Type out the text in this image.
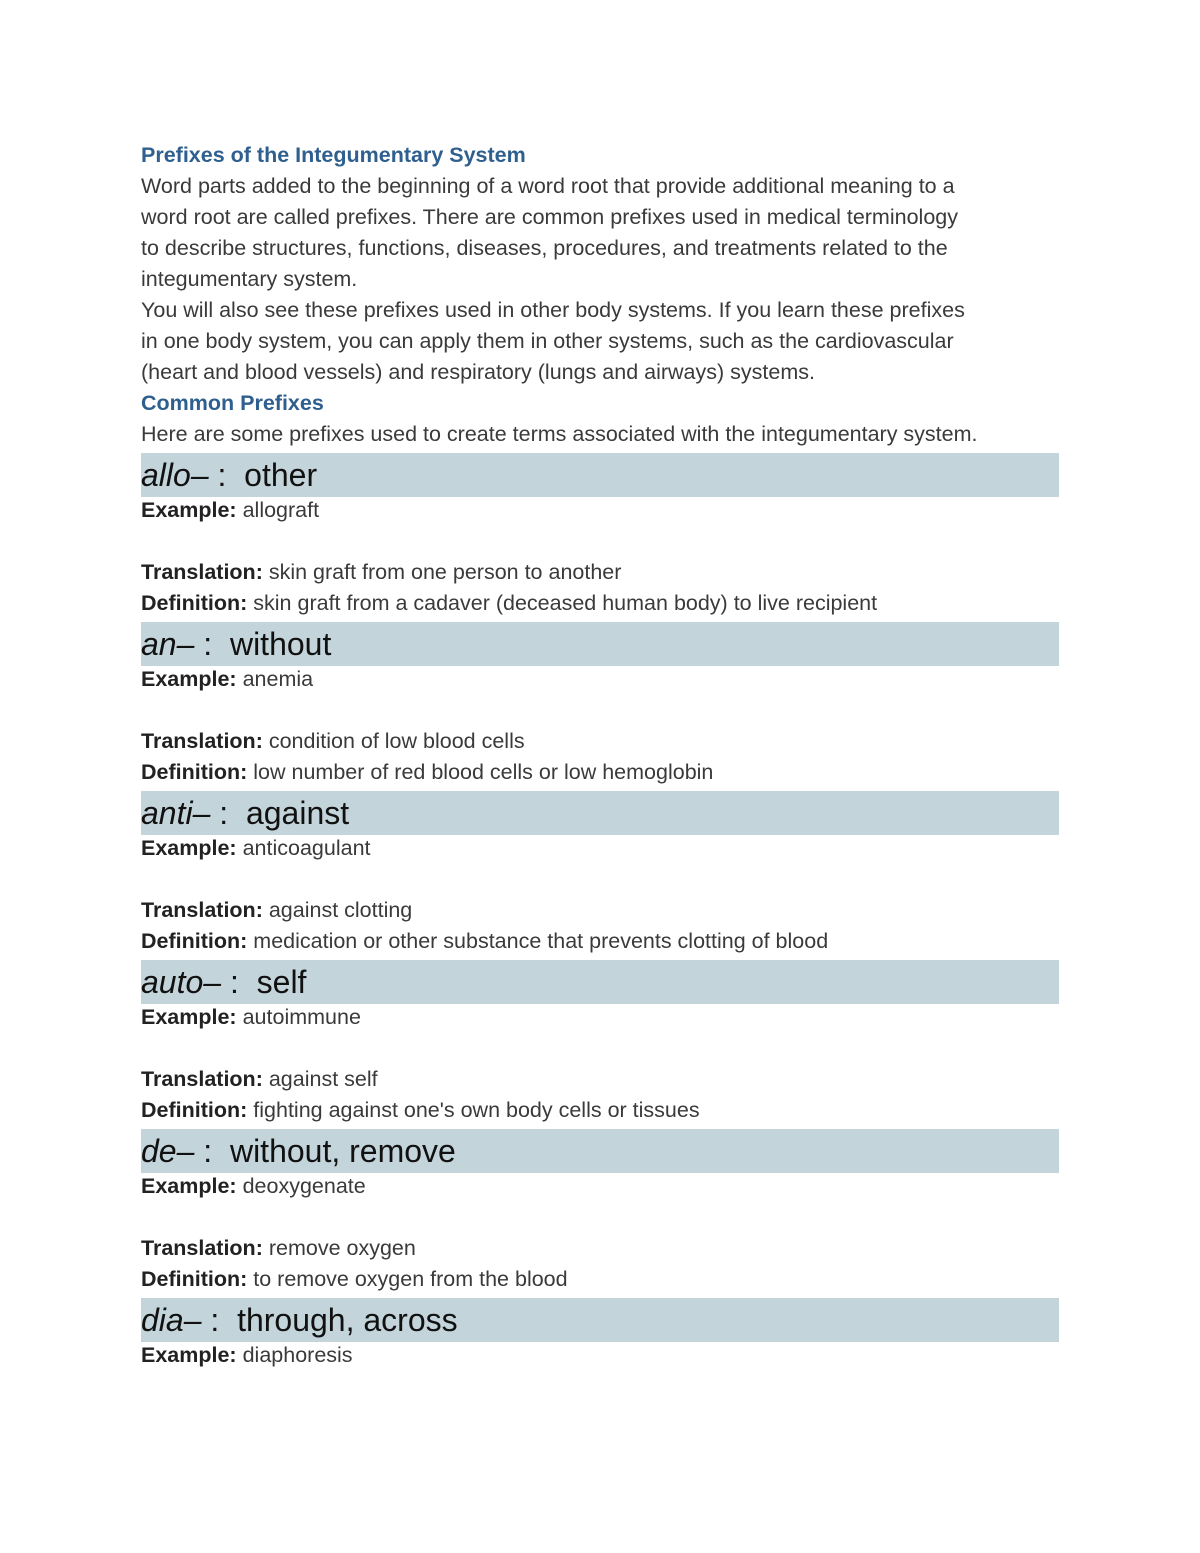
Prefixes of the Integumentary System

Word parts added to the beginning of a word root that provide additional meaning to a

word root are called prefixes. There are common prefixes used in medical terminology

to describe structures, functions, diseases, procedures, and treatments related to the

integumentary system.

You will also see these prefixes used in other body systems. If you learn these prefixes

in one body system, you can apply them in other systems, such as the cardiovascular

(heart and blood vessels) and respiratory (lungs and airways) systems.

Common Prefixes

Here are some prefixes used to create terms associated with the integumentary system.

allo– : other

Example: allograft

Translation: skin graft from one person to another

Definition: skin graft from a cadaver (deceased human body) to live recipient

an– : without

Example: anemia

Translation: condition of low blood cells

Definition: low number of red blood cells or low hemoglobin

anti– : against

Example: anticoagulant

Translation: against clotting

Definition: medication or other substance that prevents clotting of blood

auto– : self

Example: autoimmune

Translation: against self

Definition: fighting against one's own body cells or tissues

de– : without, remove

Example: deoxygenate

Translation: remove oxygen

Definition: to remove oxygen from the blood

dia– : through, across

Example: diaphoresis
